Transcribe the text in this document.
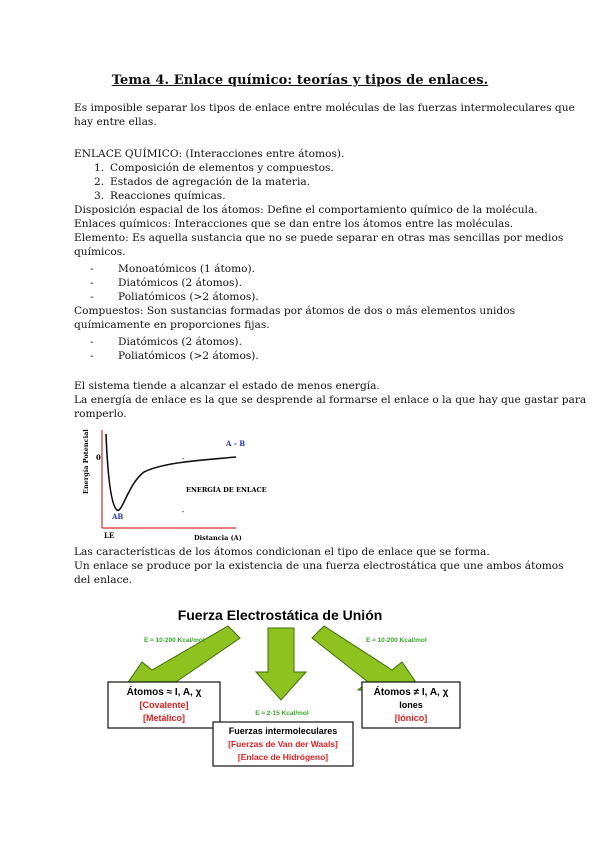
Tema 4. Enlace químico: teorías y tipos de enlaces.
Es imposible separar los tipos de enlace entre moléculas de las fuerzas intermoleculares que
hay entre ellas.
ENLACE QUÍMICO: (Interacciones entre átomos).
1. Composición de elementos y compuestos.
2. Estados de agregación de la materia.
3. Reacciones químicas.
Disposición espacial de los átomos: Define el comportamiento químico de la molécula.
Enlaces químicos: Interacciones que se dan entre los átomos entre las moléculas.
Elemento: Es aquella sustancia que no se puede separar en otras mas sencillas por medios
químicos.
- Monoatómicos (1 átomo).
- Diatómicos (2 átomos).
- Poliatómicos (>2 átomos).
Compuestos: Son sustancias formadas por átomos de dos o más elementos unidos
químicamente en proporciones fijas.
- Diatómicos (2 átomos).
- Poliatómicos (>2 átomos).
El sistema tiende a alcanzar el estado de menos energía.
La energía de enlace es la que se desprende al formarse el enlace o la que hay que gastar para
romperlo.
Energía Potencial 0
A - B
-
ENERGÍA DE ENLACE
-
AB
LE	Distancia (A)
Las características de los átomos condicionan el tipo de enlace que se forma.
Un enlace se produce por la existencia de una fuerza electrostática que une ambos átomos
del enlace.
Fuerza Electrostática de Unión
E ≈ 10-200 Kcal/mol	E ≈ 10-200 Kcal/mol
Átomos ≈ I, A, χ
[Covalente]
[Metálico]
Átomos ≠ I, A, χ
Iones
[Iónico]
E ≈ 2-15 Kcal/mol
Fuerzas intermoleculares
[Fuerzas de Van der Waals]
[Enlace de Hidrógeno]
